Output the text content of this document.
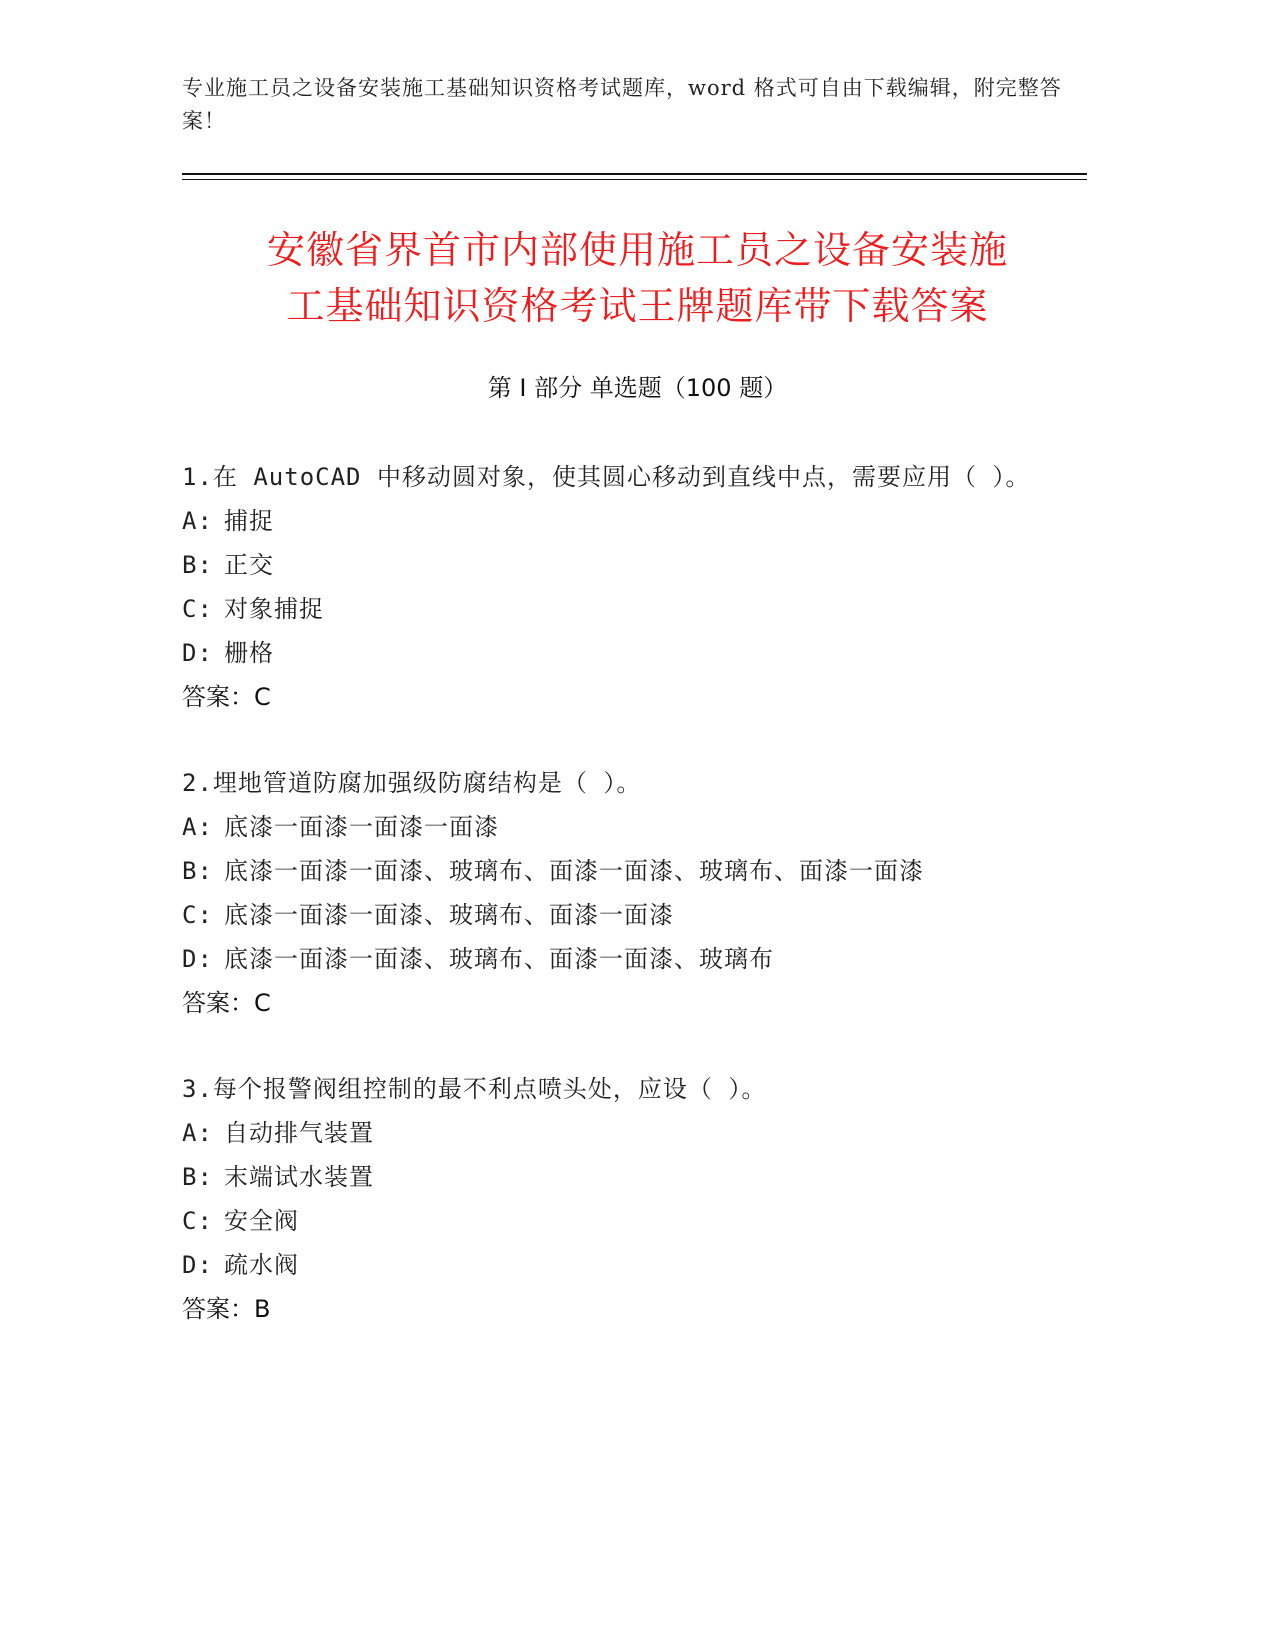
专业施工员之设备安装施工基础知识资格考试题库，word 格式可自由下载编辑，附完整答案！
安徽省界首市内部使用施工员之设备安装施
工基础知识资格考试王牌题库带下载答案
第 I 部分 单选题（100 题）
1.在 AutoCAD 中移动圆对象，使其圆心移动到直线中点，需要应用（ ）。
A: 捕捉
B: 正交
C: 对象捕捉
D: 栅格
答案：C
2.埋地管道防腐加强级防腐结构是（ ）。
A: 底漆一面漆一面漆一面漆
B: 底漆一面漆一面漆、玻璃布、面漆一面漆、玻璃布、面漆一面漆
C: 底漆一面漆一面漆、玻璃布、面漆一面漆
D: 底漆一面漆一面漆、玻璃布、面漆一面漆、玻璃布
答案：C
3.每个报警阀组控制的最不利点喷头处，应设（ ）。
A: 自动排气装置
B: 末端试水装置
C: 安全阀
D: 疏水阀
答案：B
